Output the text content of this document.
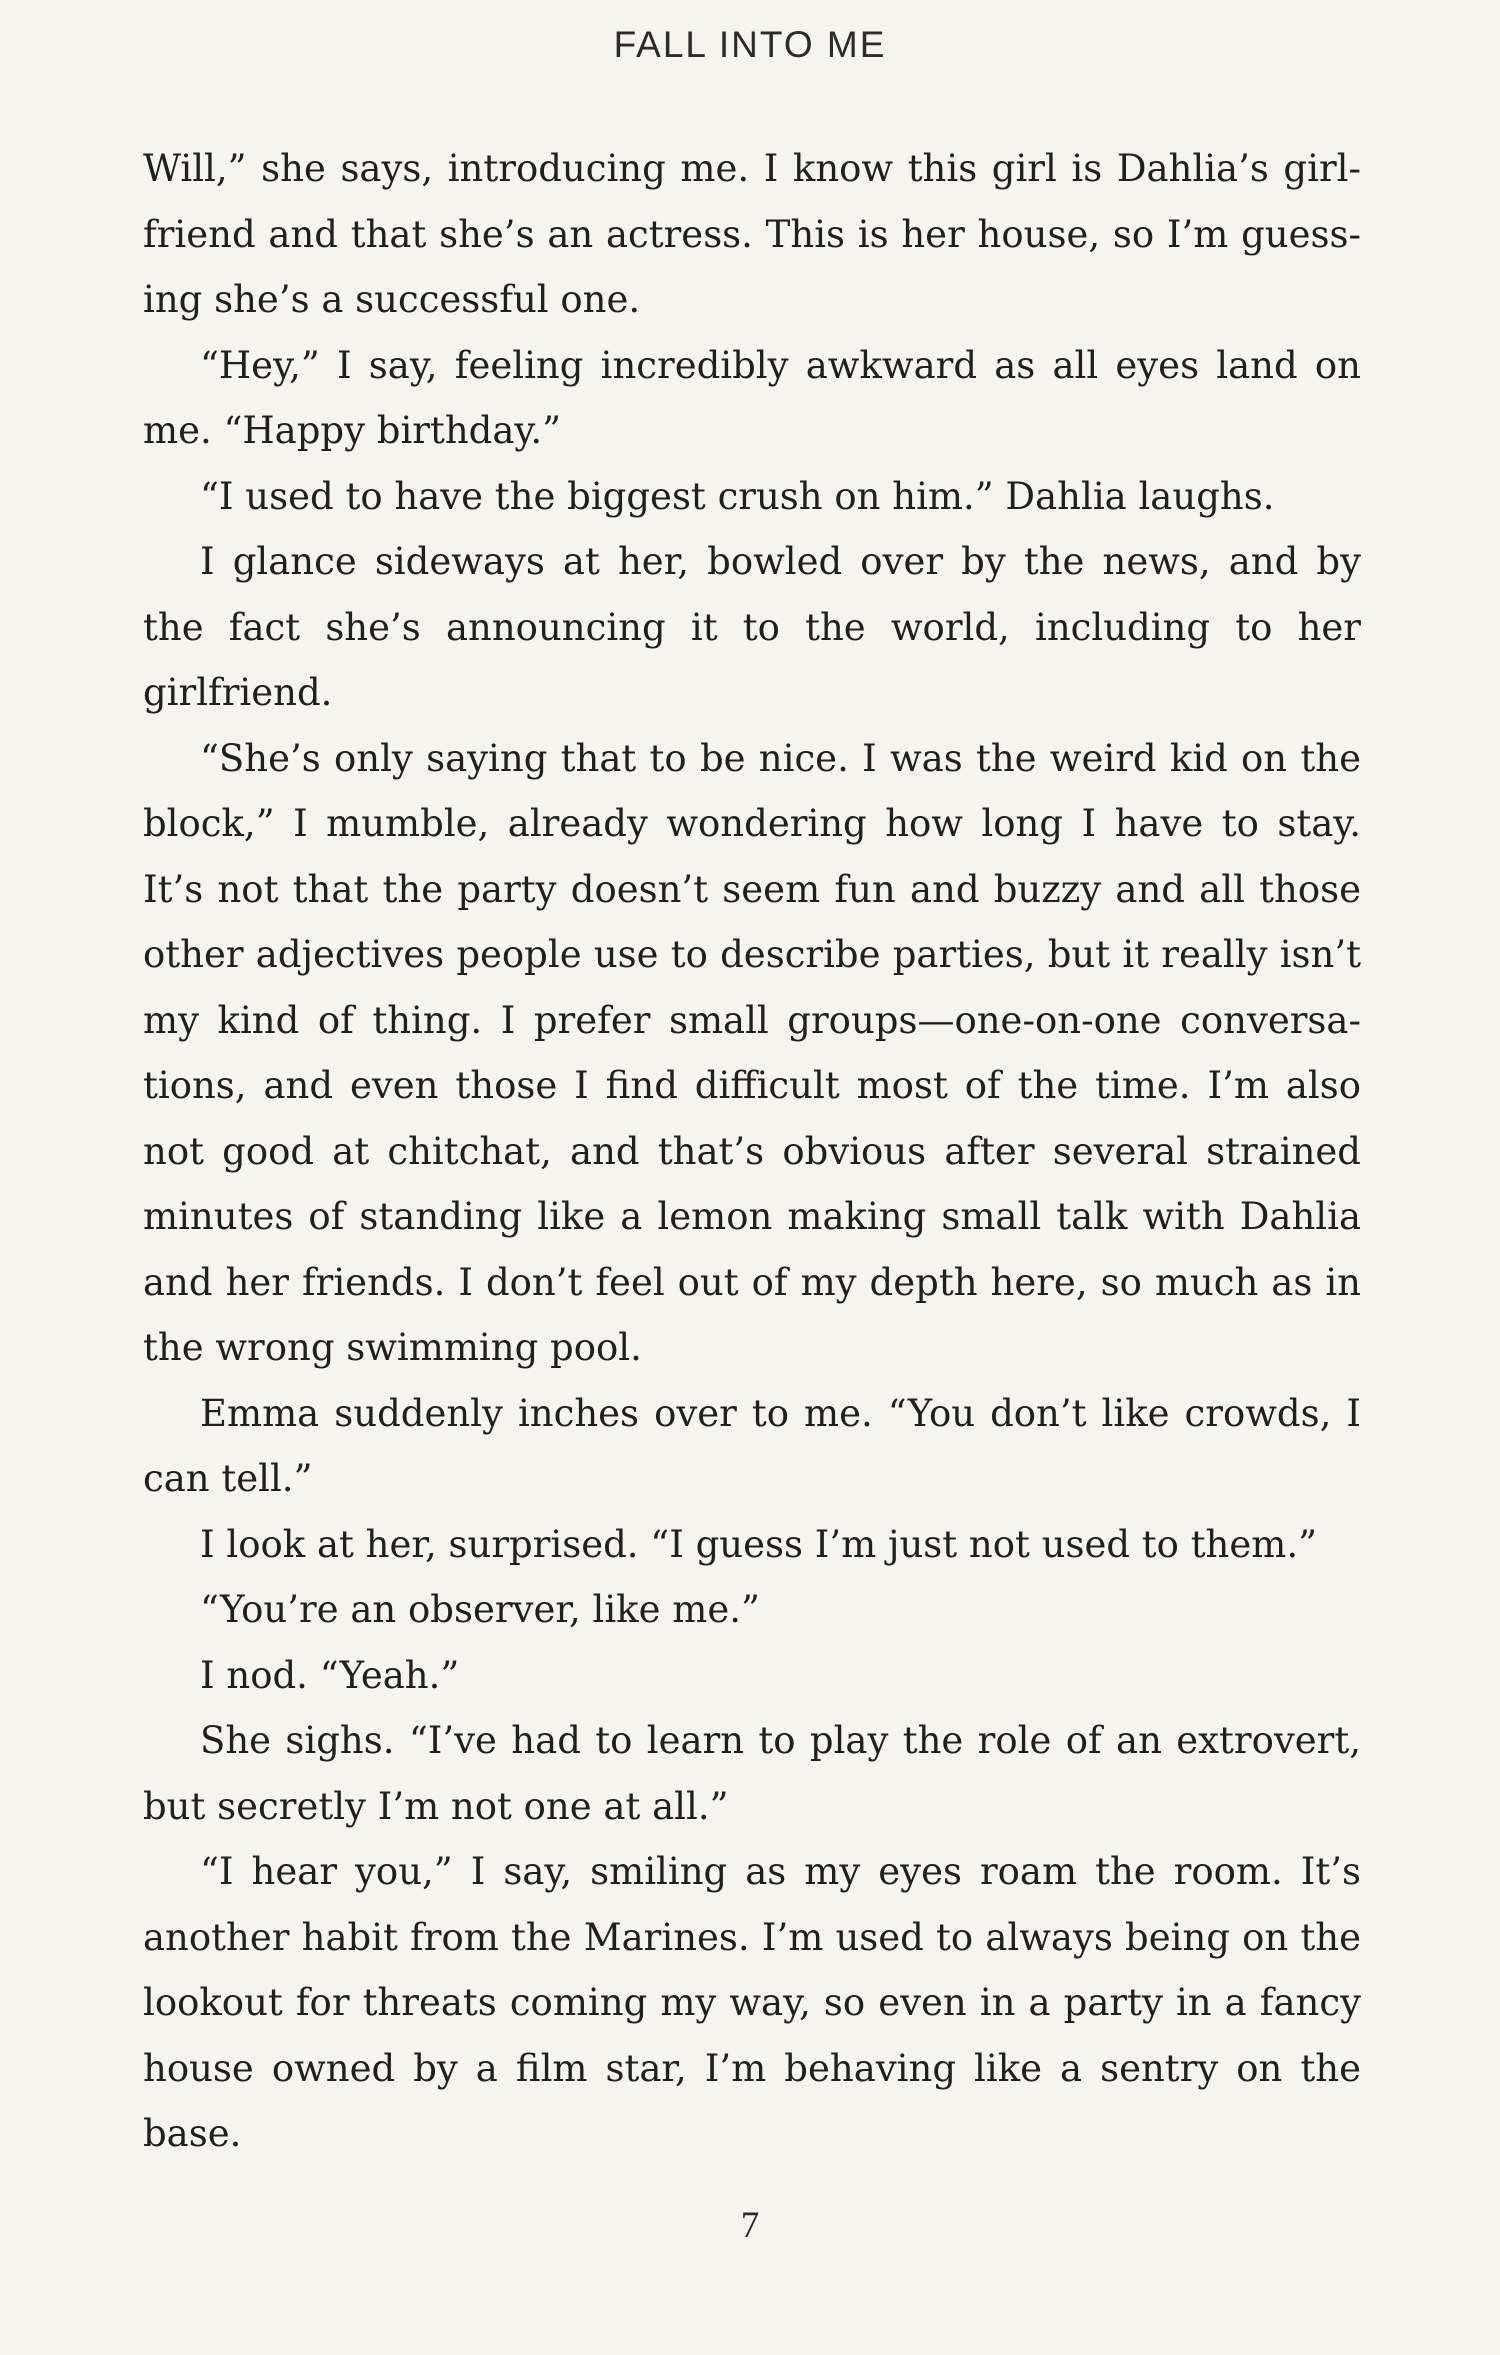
FALL INTO ME

Will,” she says, introducing me. I know this girl is Dahlia’s girlfriend and that she’s an actress. This is her house, so I’m guessing she’s a successful one.

“Hey,” I say, feeling incredibly awkward as all eyes land on me. “Happy birthday.”

“I used to have the biggest crush on him.” Dahlia laughs.

I glance sideways at her, bowled over by the news, and by the fact she’s announcing it to the world, including to her girlfriend.

“She’s only saying that to be nice. I was the weird kid on the block,” I mumble, already wondering how long I have to stay. It’s not that the party doesn’t seem fun and buzzy and all those other adjectives people use to describe parties, but it really isn’t my kind of thing. I prefer small groups—one-on-one conversations, and even those I find difficult most of the time. I’m also not good at chitchat, and that’s obvious after several strained minutes of standing like a lemon making small talk with Dahlia and her friends. I don’t feel out of my depth here, so much as in the wrong swimming pool.

Emma suddenly inches over to me. “You don’t like crowds, I can tell.”

I look at her, surprised. “I guess I’m just not used to them.”

“You’re an observer, like me.”

I nod. “Yeah.”

She sighs. “I’ve had to learn to play the role of an extrovert, but secretly I’m not one at all.”

“I hear you,” I say, smiling as my eyes roam the room. It’s another habit from the Marines. I’m used to always being on the lookout for threats coming my way, so even in a party in a fancy house owned by a film star, I’m behaving like a sentry on the base.

7
